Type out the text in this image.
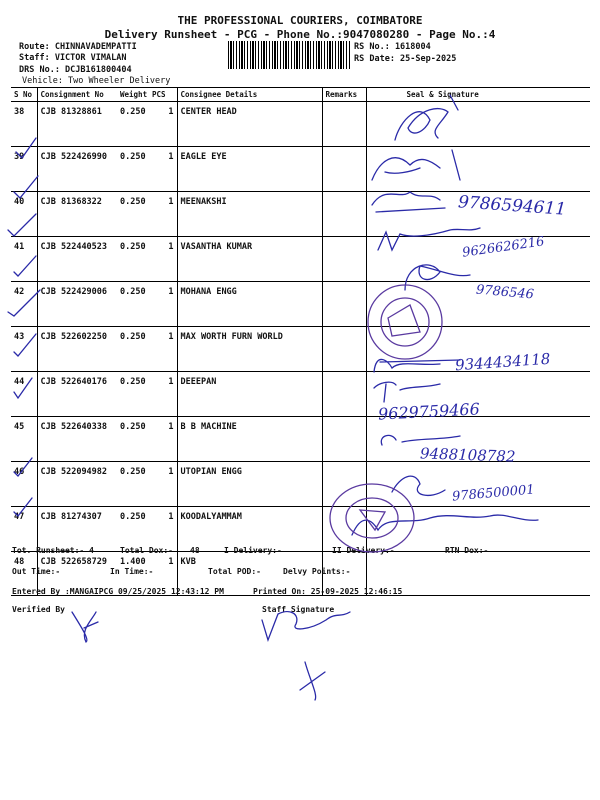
THE PROFESSIONAL COURIERS, COIMBATORE
Delivery Runsheet - PCG - Phone No.:9047080280 - Page No.:4
Route: CHINNAVADEMPATTI
Staff: VICTOR VIMALAN
DRS No.: DCJB161800404
Vehicle: Two Wheeler Delivery
RS No.: 1618004
RS Date: 25-Sep-2025
S No	Consignment No	Weight	PCS	Consignee Details	Remarks	Seal & Signature
38	CJB 81328861	0.250	1	CENTER HEAD		
39	CJB 522426990	0.250	1	EAGLE EYE		
40	CJB 81368322	0.250	1	MEENAKSHI		
41	CJB 522440523	0.250	1	VASANTHA KUMAR		
42	CJB 522429006	0.250	1	MOHANA ENGG		
43	CJB 522602250	0.250	1	MAX WORTH FURN WORLD		
44	CJB 522640176	0.250	1	DEEEPAN		
45	CJB 522640338	0.250	1	B B MACHINE		
46	CJB 522094982	0.250	1	UTOPIAN ENGG		
47	CJB 81274307	0.250	1	KOODALYAMMAM		
48	CJB 522658729	1.400	1	KVB		
Tot. Runsheet:- 4	Total Dox:- 48	I Delivery:-	II Delivery:-	RTN Dox:-
Out Time:-	In Time:-	Total POD:-	Delvy Points:-
Entered By :MANGAIPCG 09/25/2025 12:43:12 PM	Printed On: 25-09-2025 12:46:15
Verified By	Staff Signature
9786594611
9626626216
9786546
9344434118
9629759466
9488108782
9786500001
